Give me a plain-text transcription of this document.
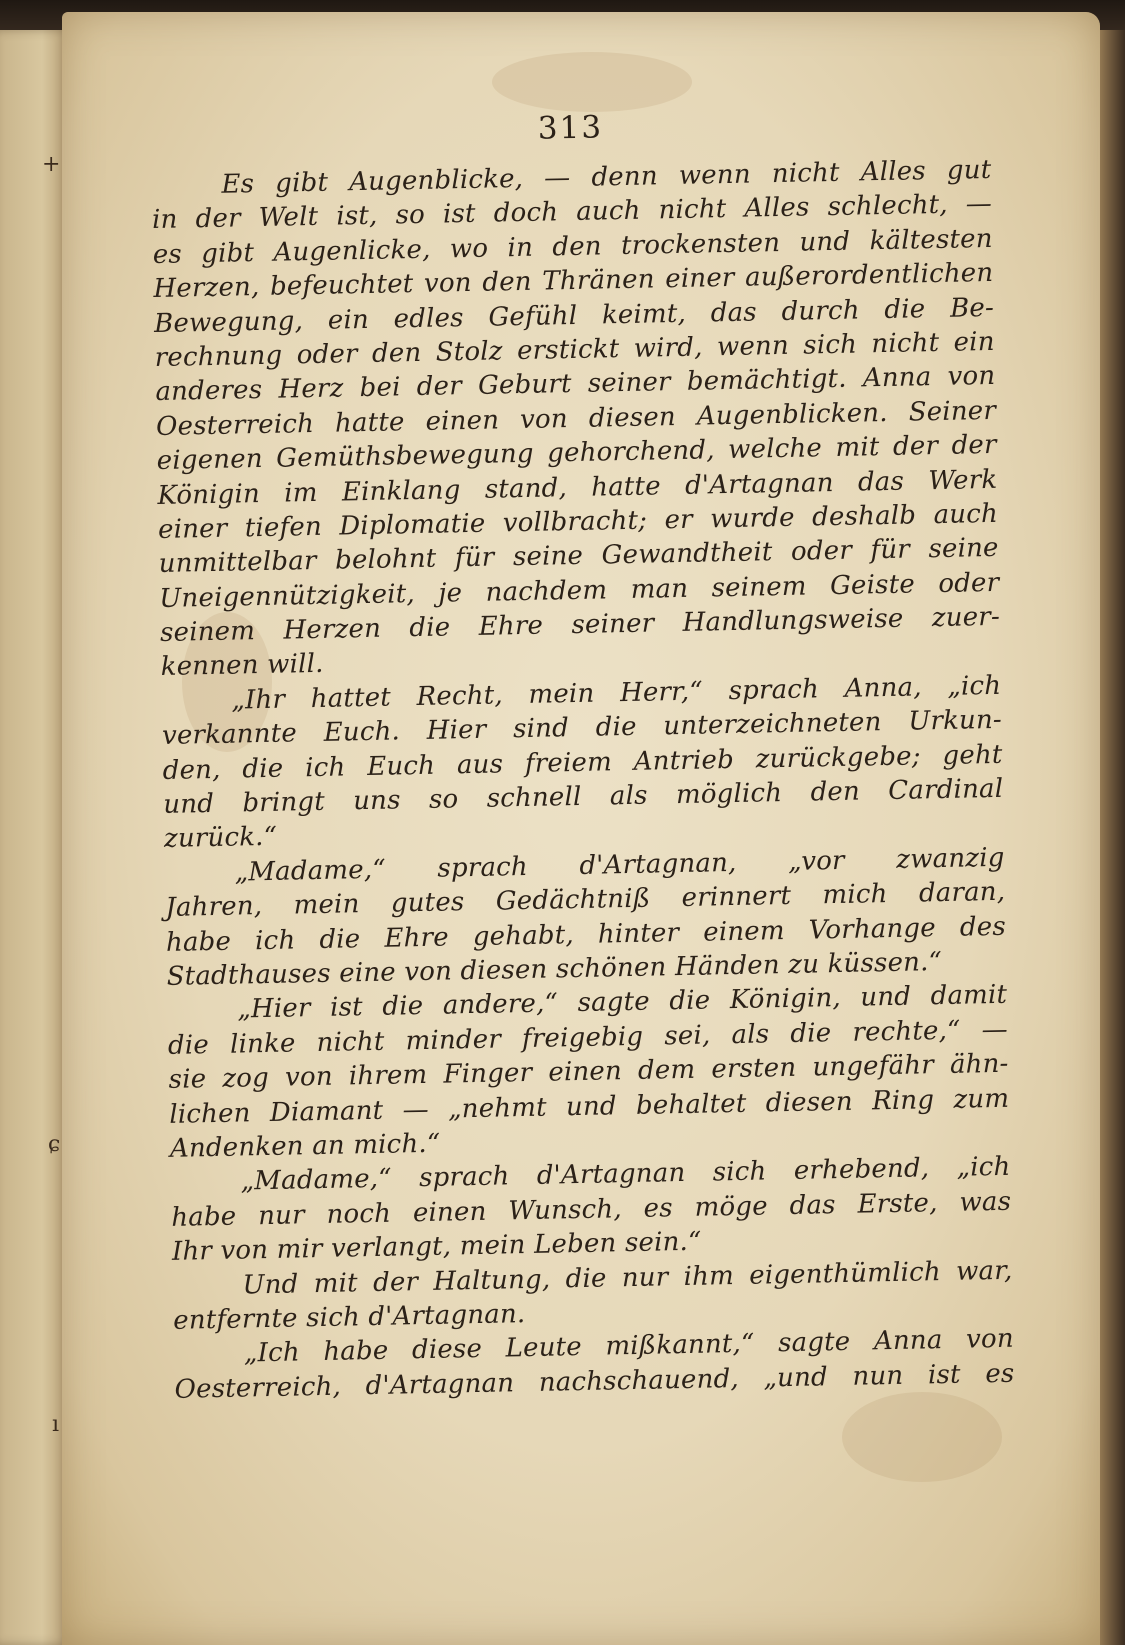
+
ɕ
ı
313
Es gibt Augenblicke, — denn wenn nicht Alles gut
in der Welt ist, so ist doch auch nicht Alles schlecht, —
es gibt Augenlicke, wo in den trockensten und kältesten
Herzen, befeuchtet von den Thränen einer außerordentlichen
Bewegung, ein edles Gefühl keimt, das durch die Be-
rechnung oder den Stolz erstickt wird, wenn sich nicht ein
anderes Herz bei der Geburt seiner bemächtigt. Anna von
Oesterreich hatte einen von diesen Augenblicken. Seiner
eigenen Gemüthsbewegung gehorchend, welche mit der der
Königin im Einklang stand, hatte d'Artagnan das Werk
einer tiefen Diplomatie vollbracht; er wurde deshalb auch
unmittelbar belohnt für seine Gewandtheit oder für seine
Uneigennützigkeit, je nachdem man seinem Geiste oder
seinem Herzen die Ehre seiner Handlungsweise zuer-
kennen will.
„Ihr hattet Recht, mein Herr,“ sprach Anna, „ich
verkannte Euch. Hier sind die unterzeichneten Urkun-
den, die ich Euch aus freiem Antrieb zurückgebe; geht
und bringt uns so schnell als möglich den Cardinal
zurück.“
„Madame,“ sprach d'Artagnan, „vor zwanzig
Jahren, mein gutes Gedächtniß erinnert mich daran,
habe ich die Ehre gehabt, hinter einem Vorhange des
Stadthauses eine von diesen schönen Händen zu küssen.“
„Hier ist die andere,“ sagte die Königin, und damit
die linke nicht minder freigebig sei, als die rechte,“ —
sie zog von ihrem Finger einen dem ersten ungefähr ähn-
lichen Diamant — „nehmt und behaltet diesen Ring zum
Andenken an mich.“
„Madame,“ sprach d'Artagnan sich erhebend, „ich
habe nur noch einen Wunsch, es möge das Erste, was
Ihr von mir verlangt, mein Leben sein.“
Und mit der Haltung, die nur ihm eigenthümlich war,
entfernte sich d'Artagnan.
„Ich habe diese Leute mißkannt,“ sagte Anna von
Oesterreich, d'Artagnan nachschauend, „und nun ist es
